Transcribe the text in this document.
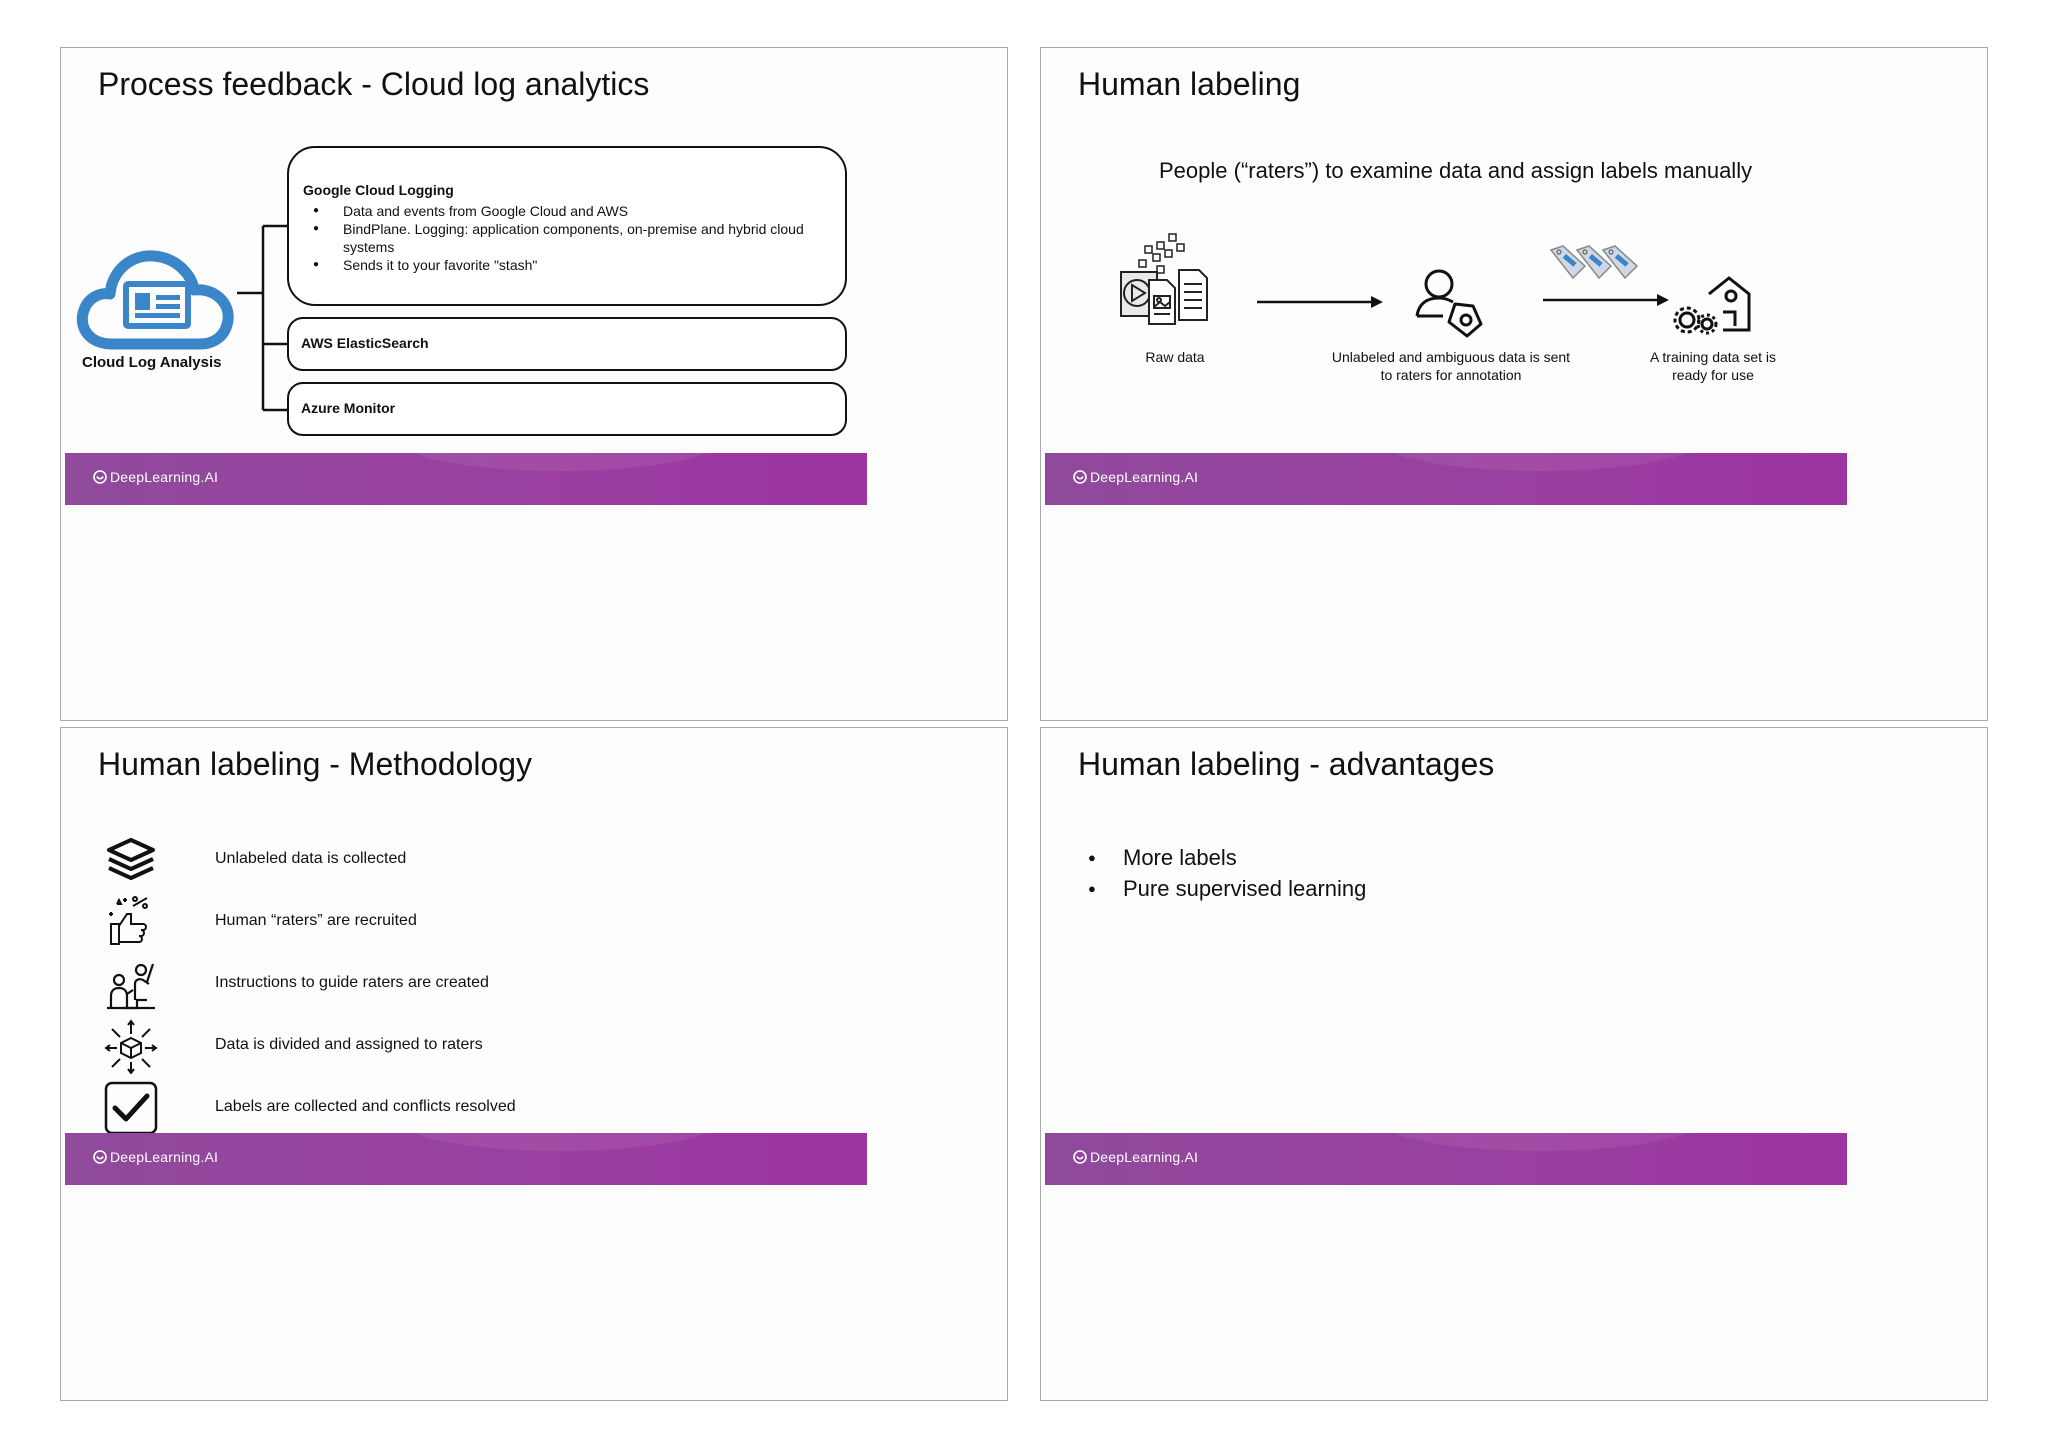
Process feedback - Cloud log analytics
Cloud Log Analysis
Google Cloud Logging
● Data and events from Google Cloud and AWS
● BindPlane. Logging: application components, on-premise and hybrid cloud systems
● Sends it to your favorite "stash"
AWS ElasticSearch
Azure Monitor
DeepLearning.AI
Human labeling
People (“raters”) to examine data and assign labels manually
Raw data	Unlabeled and ambiguous data is sent to raters for annotation
A training data set is ready for use
DeepLearning.AI
Human labeling - Methodology
Unlabeled data is collected
Human “raters” are recruited
Instructions to guide raters are created
Data is divided and assigned to raters
Labels are collected and conflicts resolved
DeepLearning.AI
Human labeling - advantages
● More labels
● Pure supervised learning
DeepLearning.AI
